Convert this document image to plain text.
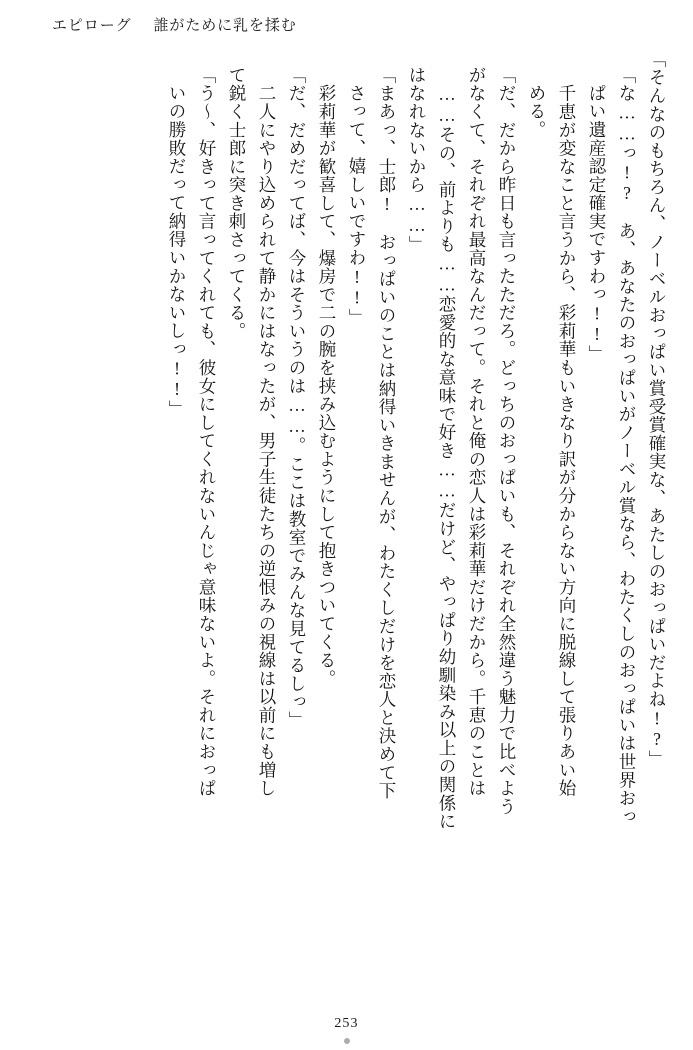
エピローグ 誰がために乳を揉む
「そんなのもちろん、ノーベルおっぱい賞受賞確実な、あたしのおっぱいだよね!?」
「な……っ!?　あ、あなたのおっぱいがノーベル賞なら、わたくしのおっぱいは世界おっ
ぱい遺産認定確実ですわっ!!」
　千恵が変なこと言うから、彩莉華もいきなり訳が分からない方向に脱線して張りあい始
める。
「だ、だから昨日も言ったただろ。どっちのおっぱいも、それぞれ全然違う魅力で比べよう
がなくて、それぞれ最高なんだって。それと俺の恋人は彩莉華だけだから。千恵のことは
……その、前よりも……恋愛的な意味で好き……だけど、やっぱり幼馴染み以上の関係に
はなれないから……」
「まあっ、士郎!　おっぱいのことは納得いきませんが、わたくしだけを恋人と決めて下
さって、嬉しいですわ!!」
　彩莉華が歓喜して、爆房で二の腕を挟み込むようにして抱きついてくる。
「だ、だめだってば、今はそういうのは……。ここは教室でみんな見てるしっ」
　二人にやり込められて静かにはなったが、男子生徒たちの逆恨みの視線は以前にも増し
て鋭く士郎に突き刺さってくる。
「う～、好きって言ってくれても、彼女にしてくれないんじゃ意味ないよ。それにおっぱ
いの勝敗だって納得いかないしっ!!」
253
